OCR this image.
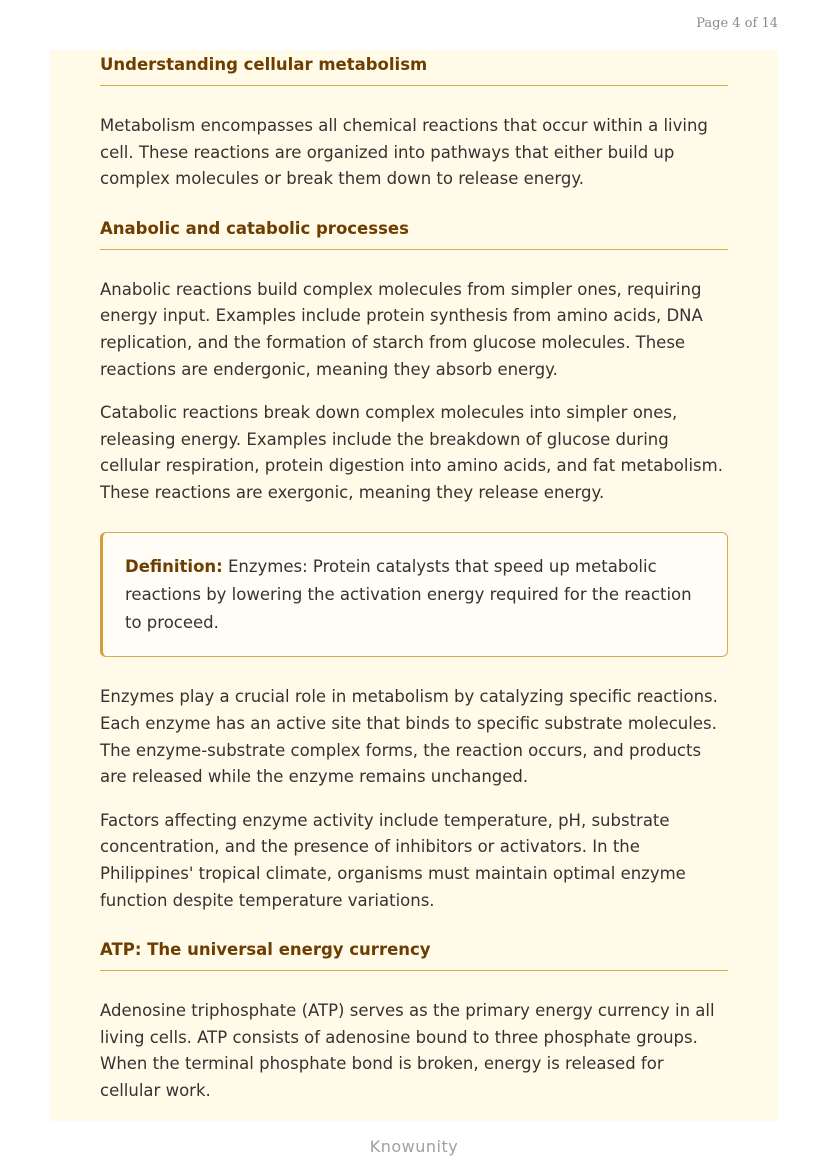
Page 4 of 14
Understanding cellular metabolism

Metabolism encompasses all chemical reactions that occur within a living cell. These reactions are organized into pathways that either build up complex molecules or break them down to release energy.

Anabolic and catabolic processes

Anabolic reactions build complex molecules from simpler ones, requiring energy input. Examples include protein synthesis from amino acids, DNA replication, and the formation of starch from glucose molecules. These reactions are endergonic, meaning they absorb energy.

Catabolic reactions break down complex molecules into simpler ones, releasing energy. Examples include the breakdown of glucose during cellular respiration, protein digestion into amino acids, and fat metabolism. These reactions are exergonic, meaning they release energy.

Definition: Enzymes: Protein catalysts that speed up metabolic reactions by lowering the activation energy required for the reaction to proceed.

Enzymes play a crucial role in metabolism by catalyzing specific reactions. Each enzyme has an active site that binds to specific substrate molecules. The enzyme-substrate complex forms, the reaction occurs, and products are released while the enzyme remains unchanged.

Factors affecting enzyme activity include temperature, pH, substrate concentration, and the presence of inhibitors or activators. In the Philippines' tropical climate, organisms must maintain optimal enzyme function despite temperature variations.

ATP: The universal energy currency

Adenosine triphosphate (ATP) serves as the primary energy currency in all living cells. ATP consists of adenosine bound to three phosphate groups. When the terminal phosphate bond is broken, energy is released for cellular work.

Knowunity
